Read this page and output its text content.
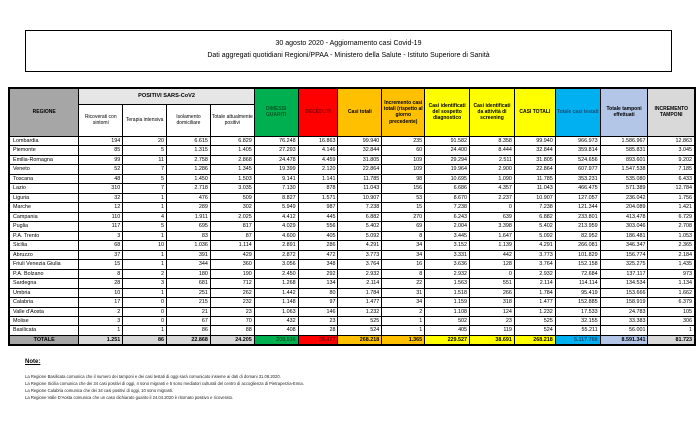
30 agosto 2020 - Aggiornamento casi Covid-19
Dati aggregati quotidiani Regioni/PPAA - Ministero della Salute - Istituto Superiore di Sanità
REGIONE	POSITIVI SARS-CoV2				DIMESSI GUARITI	DECEDUTI	Casi totali	Incremento casi totali (rispetto al giorno precedente)	Casi identificati del sospetto diagnostico	Casi identificati da attività di screening	CASI TOTALI	Totale casi testati	Totale tamponi effettuati	INCREMENTO TAMPONI
	Ricoverati con sintomi	Terapia intensiva	Isolamento domiciliare	Totale attualmente positivi										
Lombardia	194	20	6.615	6.829	76.248	16.863	99.940	235	91.582	8.358	99.940	966.973	1.586.967	12.863
Piemonte	85	5	1.315	1.405	27.293	4.146	32.844	60	24.400	8.444	32.844	359.814	585.831	3.045
Emilia-Romagna	99	11	2.758	2.868	24.478	4.459	31.805	109	29.294	2.511	31.805	524.656	893.601	9.202
Veneto	52	7	1.286	1.345	19.399	2.120	22.864	109	19.964	2.900	22.864	607.977	1.547.538	7.185
Toscana	48	5	1.450	1.503	9.141	1.141	11.785	98	10.695	1.090	11.785	353.231	535.080	6.433
Lazio	310	7	2.718	3.035	7.130	878	11.043	156	6.686	4.357	11.043	466.475	571.389	12.784
Liguria	32	1	476	509	8.827	1.571	10.907	53	8.670	2.237	10.907	127.057	236.042	1.756
Marche	12	1	289	302	5.949	987	7.238	15	7.238	0	7.238	121.344	204.089	1.421
Campania	110	4	1.911	2.025	4.412	445	6.882	270	6.243	639	6.882	233.801	413.478	6.729
Puglia	117	5	695	817	4.029	556	5.402	69	2.004	3.398	5.402	213.959	303.046	2.708
P.A. Trento	3	1	83	87	4.600	405	5.092	8	3.445	1.647	5.092	82.952	186.481	1.053
Sicilia	68	10	1.036	1.114	2.891	286	4.291	34	3.152	1.139	4.291	266.081	346.347	2.365
Abruzzo	37	1	391	429	2.872	472	3.773	34	3.331	442	3.773	101.829	156.774	2.184
Friuli Venezia Giulia	15	1	344	360	3.056	348	3.764	16	3.636	128	3.764	152.158	325.275	1.435
P.A. Bolzano	8	2	180	190	2.450	292	2.932	8	2.932	0	2.932	72.684	137.117	973
Sardegna	28	3	681	712	1.268	134	2.114	22	1.563	551	2.114	114.114	134.534	1.134
Umbria	10	1	251	262	1.442	80	1.784	31	1.518	266	1.784	95.419	153.666	1.662
Calabria	17	0	215	232	1.148	97	1.477	34	1.159	318	1.477	152.885	158.919	6.379
Valle d'Aosta	2	0	21	23	1.063	146	1.232	2	1.108	124	1.232	17.533	24.783	105
Molise	3	0	67	70	432	23	525	1	502	23	525	32.155	33.383	306
Basilicata	1	1	86	88	408	28	524	1	405	119	524	55.211	56.001	1
TOTALE	1.251	86	22.868	24.205	208.536	35.477	268.218	1.365	229.527	38.691	268.218	5.117.788	8.591.341	81.723
Note:
La Regione Basilicata comunica che il numero dei tamponi e dei casi testati di oggi sarà comunicato insieme ai dati di domani 31.08.2020.
La Regione Sicilia comunica che dei 34 casi positivi di oggi, 4 sono migranti e 5 sono mediatori culturali del centro di accoglienza di Pietraperzia-Enna.
La Regione Calabria comunica che dei 34 casi positivi di oggi, 10 sono migranti.
La Regione Valle D'Aosta comunica che un caso dichiarato guarito il 24.04.2020 è ritornato positivo e ricoverato.
